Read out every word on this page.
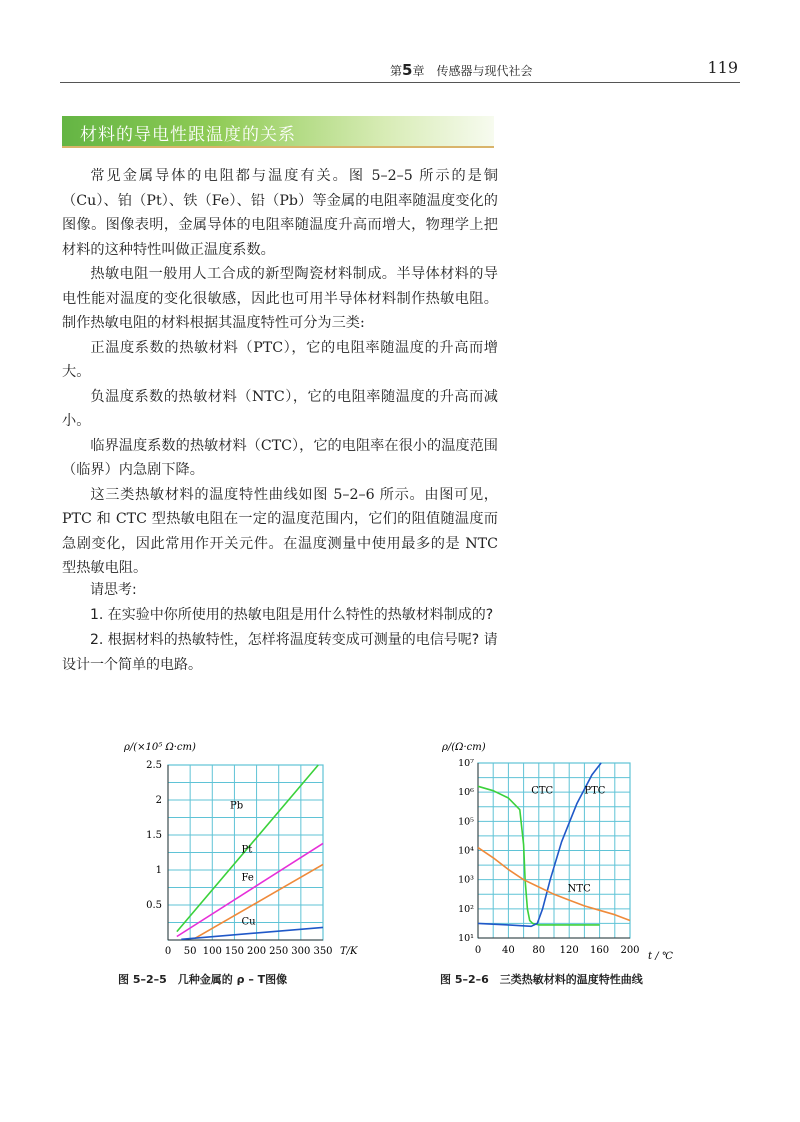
第5章　 传感器与现代社会	119
材料的导电性跟温度的关系

常见金属导体的电阻都与温度有关。图 5–2–5 所示的是铜（Cu）、铂（Pt）、铁（Fe）、铅（Pb）等金属的电阻率随温度变化的图像。图像表明，金属导体的电阻率随温度升高而增大，物理学上把材料的这种特性叫做正温度系数。

热敏电阻一般用人工合成的新型陶瓷材料制成。半导体材料的导电性能对温度的变化很敏感，因此也可用半导体材料制作热敏电阻。制作热敏电阻的材料根据其温度特性可分为三类:

正温度系数的热敏材料（PTC），它的电阻率随温度的升高而增大。

负温度系数的热敏材料（NTC），它的电阻率随温度的升高而减小。

临界温度系数的热敏材料（CTC），它的电阻率在很小的温度范围（临界）内急剧下降。

这三类热敏材料的温度特性曲线如图 5–2–6 所示。由图可见，PTC 和 CTC 型热敏电阻在一定的温度范围内，它们的阻值随温度而急剧变化，因此常用作开关元件。在温度测量中使用最多的是 NTC 型热敏电阻。

请思考:

1. 在实验中你所使用的热敏电阻是用什么特性的热敏材料制成的?

2. 根据材料的热敏特性，怎样将温度转变成可测量的电信号呢? 请设计一个简单的电路。

ρ/(×10⁵ Ω·cm)
T/K
0 50 100 150 200 250 300 350
2.5
2
1.5
1
0.5
Pb
Pt
Fe
Cu
ρ/(Ω·cm)
t / ℃
0 40 80 120 160 200
10⁷
10⁶
10⁵
10⁴
10³
10²
10¹
CTC	PTC
NTC
图 5–2–5　几种金属的 ρ – T图像	图 5–2–6　三类热敏材料的温度特性曲线
